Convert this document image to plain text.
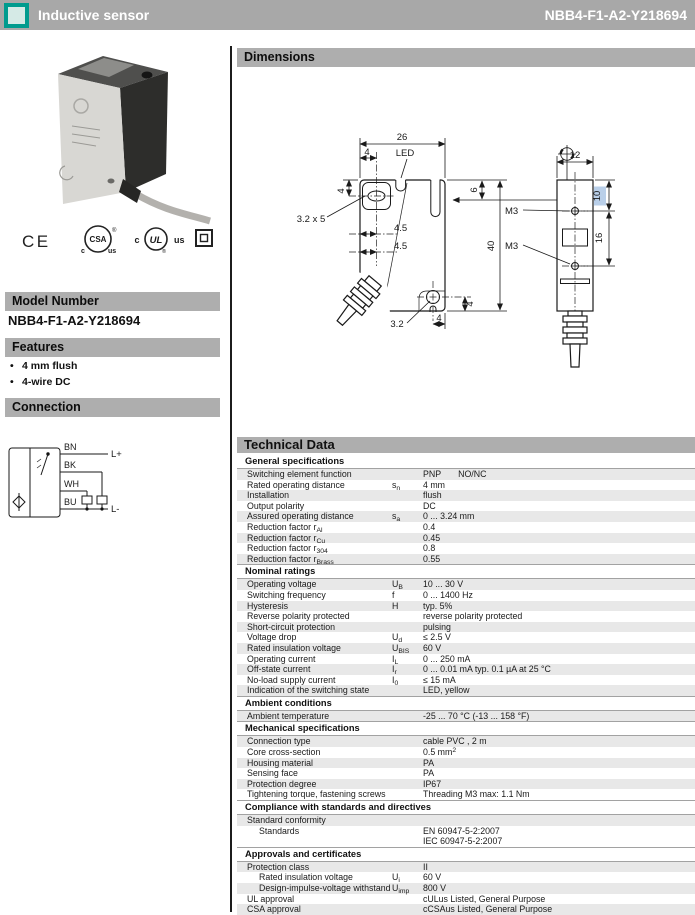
Inductive sensor	NBB4-F1-A2-Y218694
CE	CSA
®
c	us
c UL us
®
Model Number
NBB4-F1-A2-Y218694
Features
• 4 mm flush
• 4-wire DC
Connection
BN
BK
WH
BU
L+
L-
Dimensions
26
4	LED
3.2 x 5
4
4.5
4.5
6
40
4
3.2
4
12
10
16
M3
M3
Technical Data
General specifications
Switching element function	PNP NO/NC
Rated operating distance	$s_n$	4 mm
Installation	flush
Output polarity	DC
Assured operating distance	$s_a$	0 ... 3.24 mm
Reduction factor $r_{Al}$	0.4
Reduction factor $r_{Cu}$	0.45
Reduction factor $r_{304}$	0.8
Reduction factor $r_{Brass}$	0.55
Nominal ratings
Operating voltage	$U_B$	10 ... 30 V
Switching frequency	f	0 ... 1400 Hz
Hysteresis	H	typ. 5%
Reverse polarity protected	reverse polarity protected
Short-circuit protection	pulsing
Voltage drop	$U_d$	≤ 2.5 V
Rated insulation voltage	$U_{BIS}$	60 V
Operating current	$I_L$	0 ... 250 mA
Off-state current	$I_r$	0 ... 0.01 mA typ. 0.1 µA at 25 °C
No-load supply current	$I_0$	≤ 15 mA
Indication of the switching state	LED, yellow
Ambient conditions
Ambient temperature	-25 ... 70 °C (-13 ... 158 °F)
Mechanical specifications
Connection type	cable PVC , 2 m
Core cross-section	0.5 $mm^2$
Housing material	PA
Sensing face	PA
Protection degree	IP67
Tightening torque, fastening screws	Threading M3 max: 1.1 Nm
Compliance with standards and directives
Standard conformity
Standards	EN 60947-5-2:2007
IEC 60947-5-2:2007
Approvals and certificates
Protection class	II
Rated insulation voltage	$U_i$	60 V
Design-impulse-voltage withstand $U_{imp}$	800 V
UL approval	cULus Listed, General Purpose
CSA approval	cCSAus Listed, General Purpose
